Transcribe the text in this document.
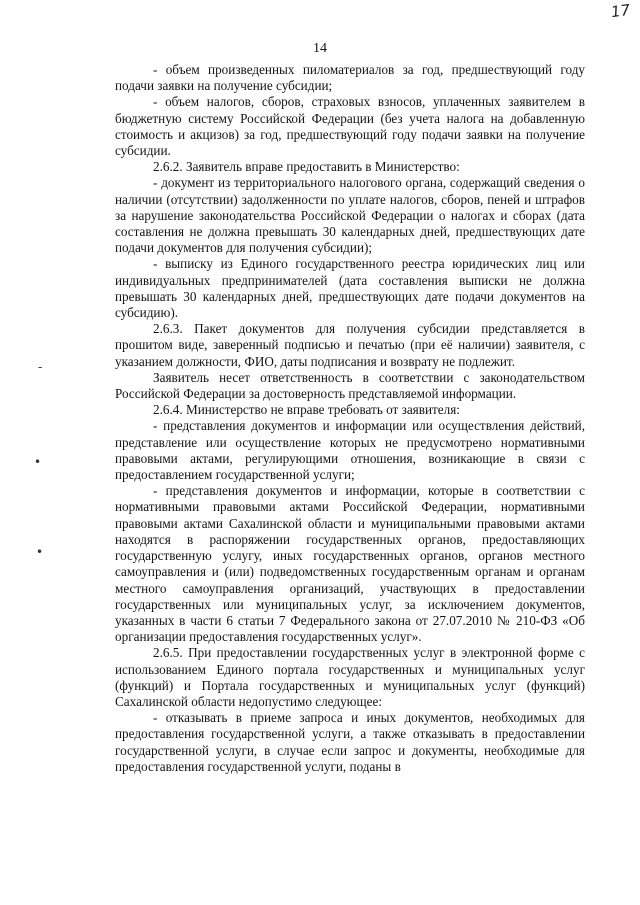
17
14
-
•
•

- объем произведенных пиломатериалов за год, предшествующий году подачи заявки на получение субсидии;

- объем налогов, сборов, страховых взносов, уплаченных заявителем в бюджетную систему Российской Федерации (без учета налога на добавленную стоимость и акцизов) за год, предшествующий году подачи заявки на получение субсидии.

2.6.2. Заявитель вправе предоставить в Министерство:

- документ из территориального налогового органа, содержащий сведения о наличии (отсутствии) задолженности по уплате налогов, сборов, пеней и штрафов за нарушение законодательства Российской Федерации о налогах и сборах (дата составления не должна превышать 30 календарных дней, предшествующих дате подачи документов для получения субсидии);

- выписку из Единого государственного реестра юридических лиц или индивидуальных предпринимателей (дата составления выписки не должна превышать 30 календарных дней, предшествующих дате подачи документов на субсидию).

2.6.3. Пакет документов для получения субсидии представляется в прошитом виде, заверенный подписью и печатью (при её наличии) заявителя, с указанием должности, ФИО, даты подписания и возврату не подлежит.

Заявитель несет ответственность в соответствии с законодательством Российской Федерации за достоверность представляемой информации.

2.6.4. Министерство не вправе требовать от заявителя:

- представления документов и информации или осуществления действий, представление или осуществление которых не предусмотрено нормативными правовыми актами, регулирующими отношения, возникающие в связи с предоставлением государственной услуги;

- представления документов и информации, которые в соответствии с нормативными правовыми актами Российской Федерации, нормативными правовыми актами Сахалинской области и муниципальными правовыми актами находятся в распоряжении государственных органов, предоставляющих государственную услугу, иных государственных органов, органов местного самоуправления и (или) подведомственных государственным органам и органам местного самоуправления организаций, участвующих в предоставлении государственных или муниципальных услуг, за исключением документов, указанных в части 6 статьи 7 Федерального закона от 27.07.2010 № 210-ФЗ «Об организации предоставления государственных услуг».

2.6.5. При предоставлении государственных услуг в электронной форме с использованием Единого портала государственных и муниципальных услуг (функций) и Портала государственных и муниципальных услуг (функций) Сахалинской области недопустимо следующее:

- отказывать в приеме запроса и иных документов, необходимых для предоставления государственной услуги, а также отказывать в предоставлении государственной услуги, в случае если запрос и документы, необходимые для предоставления государственной услуги, поданы в
